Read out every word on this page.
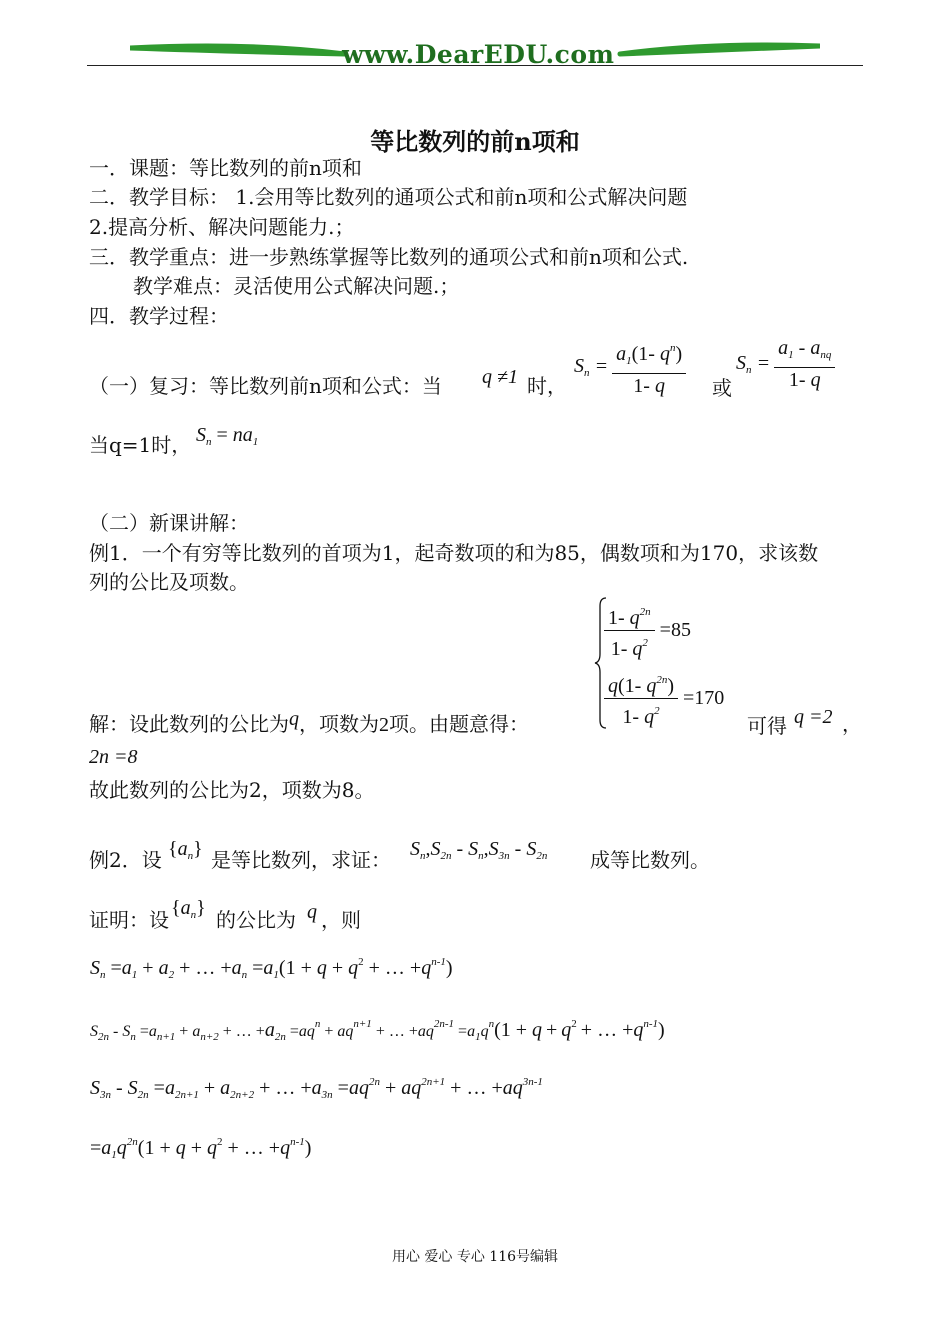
www.DearEDU.com
等比数列的前n项和
一．课题：等比数列的前n项和
二．教学目标： 1.会用等比数列的通项公式和前n项和公式解决问题
2.提高分析、解决问题能力.；
三．教学重点：进一步熟练掌握等比数列的通项公式和前n项和公式.
教学难点：灵活使用公式解决问题.；
四．教学过程：
（一）复习：等比数列前n项和公式：当 q ≠1 时，
$S_n = \frac{a_1(1- q^n)}{1- q}$ 或
$S_n = \frac{a_1 - a_{nq}}{1- q}$
当q=1时， $S_n = na_1$
（二）新课讲解：
例1．一个有穷等比数列的首项为1，起奇数项的和为85，偶数项和为170，求该数
列的公比及项数。
$\frac{1- q^{2n}}{1- q^2} =85$
$\frac{q(1- q^{2n})}{1- q^2} =170$
解：设此数列的公比为q，项数为2项。由题意得：	可得 q =2 ，
2n =8
故此数列的公比为2，项数为8。
例2．设 $\{a_n\}$ 是等比数列，求证： $S_n,S_{2n} - S_n,S_{3n} - S_{2n}$ 成等比数列。
证明：设 $\{a_n\}$ 的公比为 q ，则
$S_n =a_1 + a_2$ + … $+a_n =a_1(1 + q + q^2$ + … $+q^{n-1}$)
$S_{2n} - S_n =a_{n+1} + a_{n+2}$ + … $+a_{2n} =aq^n + aq^{n+1}$ + … $+aq^{2n-1} =a_1q^n(1 + q + q^2$ + … $+q^{n-1}$)
$S_{3n} - S_{2n} =a_{2n+1} + a_{2n+2}$ + … $+a_{3n} =aq^{2n} + aq^{2n+1}$ + … $+aq^{3n-1}$
$=a_1q^{2n}(1 + q + q^2$ + … $+q^{n-1}$)
用心 爱心 专心 116号编辑
